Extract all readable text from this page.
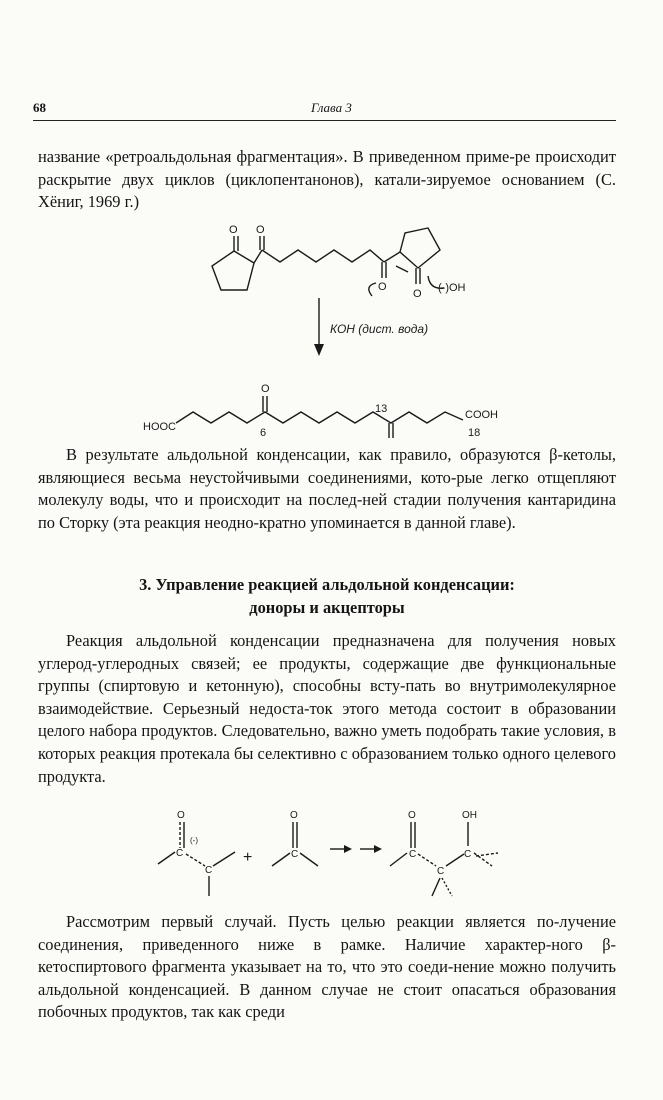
68	Глава 3

название «ретроальдольная фрагментация». В приведенном приме-ре происходит раскрытие двух циклов (циклопентанонов), катали-зируемое основанием (С. Хёниг, 1969 г.)

O O
O
O (-)OH
КОН (дист. вода)
HOOC
O
6
13	COOH
18

В результате альдольной конденсации, как правило, образуются β-кетолы, являющиеся весьма неустойчивыми соединениями, кото-рые легко отщепляют молекулу воды, что и происходит на послед-ней стадии получения кантаридина по Сторку (эта реакция неодно-кратно упоминается в данной главе).

3. Управление реакцией альдольной конденсации:
доноры и акцепторы

Реакция альдольной конденсации предназначена для получения новых углерод-углеродных связей; ее продукты, содержащие две функциональные группы (спиртовую и кетонную), способны всту-пать во внутримолекулярное взаимодействие. Серьезный недоста-ток этого метода состоит в образовании целого набора продуктов. Следовательно, важно уметь подобрать такие условия, в которых реакция протекала бы селективно с образованием только одного целевого продукта.

O
(-)
C
C
+
O
C
O
C
C
OH
C

Рассмотрим первый случай. Пусть целью реакции является по-лучение соединения, приведенного ниже в рамке. Наличие характер-ного β-кетоспиртового фрагмента указывает на то, что это соеди-нение можно получить альдольной конденсацией. В данном случае не стоит опасаться образования побочных продуктов, так как среди
